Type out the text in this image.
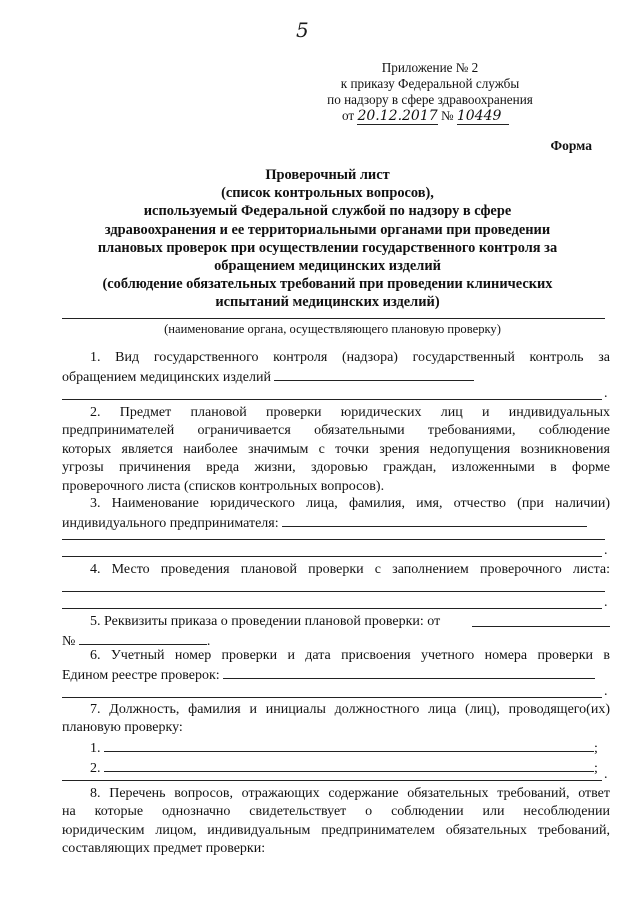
5
Приложение № 2
к приказу Федеральной службы
по надзору в сфере здравоохранения
от 20.12.2017 № 10449
Форма
Проверочный лист
(список контрольных вопросов),
используемый Федеральной службой по надзору в сфере
здравоохранения и ее территориальными органами при проведении
плановых проверок при осуществлении государственного контроля за
обращением медицинских изделий
(соблюдение обязательных требований при проведении клинических
испытаний медицинских изделий)
(наименование органа, осуществляющего плановую проверку)
1. Вид государственного контроля (надзора) государственный контроль за
обращением медицинских изделий
.
2. Предмет плановой проверки юридических лиц и индивидуальных
предпринимателей ограничивается обязательными требованиями, соблюдение
которых является наиболее значимым с точки зрения недопущения возникновения
угрозы причинения вреда жизни, здоровью граждан, изложенными в форме
проверочного листа (списков контрольных вопросов).
3. Наименование юридического лица, фамилия, имя, отчество (при наличии)
индивидуального предпринимателя:
.
4. Место проведения плановой проверки с заполнением проверочного листа:
.
5. Реквизиты приказа о проведении плановой проверки: от
№	.
6. Учетный номер проверки и дата присвоения учетного номера проверки в
Едином реестре проверок:
.
7. Должность, фамилия и инициалы должностного лица (лиц), проводящего(их)
плановую проверку:
1.	;
2.	; .
8. Перечень вопросов, отражающих содержание обязательных требований, ответ
на которые однозначно свидетельствует о соблюдении или несоблюдении
юридическим лицом, индивидуальным предпринимателем обязательных требований,
составляющих предмет проверки:
